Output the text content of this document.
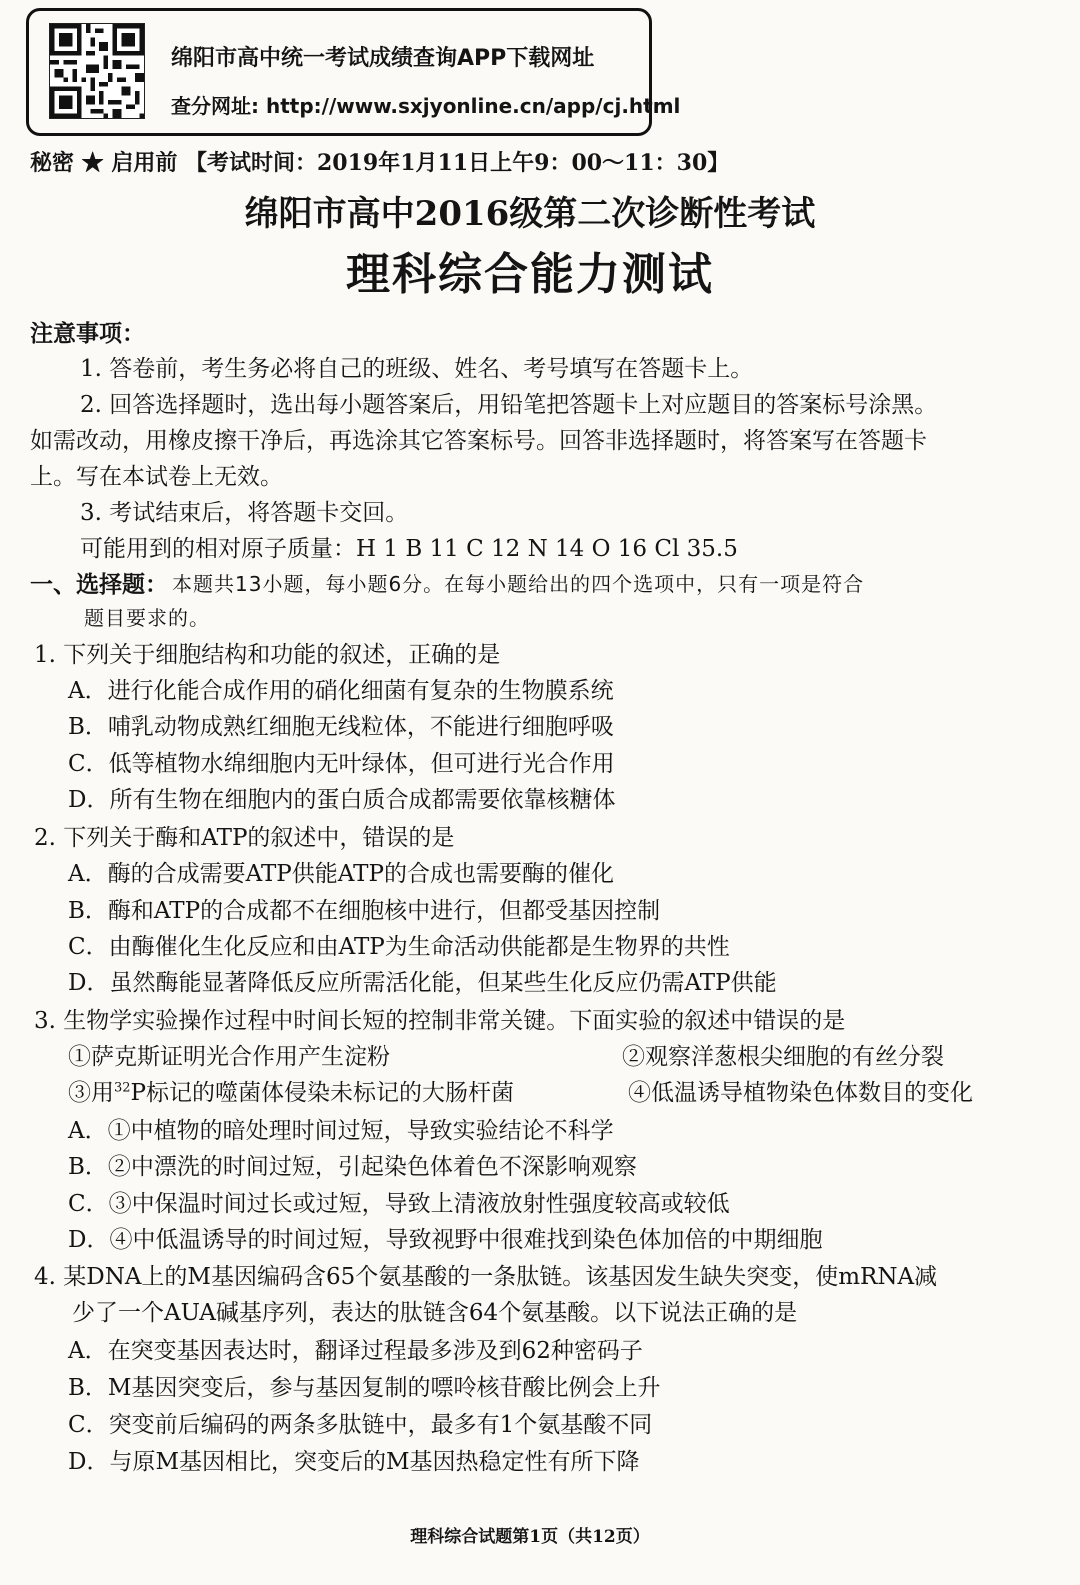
绵阳市高中统一考试成绩查询APP下载网址
查分网址: http://www.sxjyonline.cn/app/cj.html
秘密 ★ 启用前 【考试时间：2019年1月11日上午9：00～11：30】
绵阳市高中2016级第二次诊断性考试
理科综合能力测试
注意事项：
1. 答卷前，考生务必将自己的班级、姓名、考号填写在答题卡上。
2. 回答选择题时，选出每小题答案后，用铅笔把答题卡上对应题目的答案标号涂黑。
如需改动，用橡皮擦干净后，再选涂其它答案标号。回答非选择题时，将答案写在答题卡
上。写在本试卷上无效。
3. 考试结束后，将答题卡交回。
可能用到的相对原子质量：H 1 B 11 C 12 N 14 O 16 Cl 35.5
一、选择题： 本题共13小题，每小题6分。在每小题给出的四个选项中，只有一项是符合
题目要求的。
1. 下列关于细胞结构和功能的叙述，正确的是
A．进行化能合成作用的硝化细菌有复杂的生物膜系统
B．哺乳动物成熟红细胞无线粒体，不能进行细胞呼吸
C．低等植物水绵细胞内无叶绿体，但可进行光合作用
D．所有生物在细胞内的蛋白质合成都需要依靠核糖体
2. 下列关于酶和ATP的叙述中，错误的是
A．酶的合成需要ATP供能ATP的合成也需要酶的催化
B．酶和ATP的合成都不在细胞核中进行，但都受基因控制
C．由酶催化生化反应和由ATP为生命活动供能都是生物界的共性
D．虽然酶能显著降低反应所需活化能，但某些生化反应仍需ATP供能
3. 生物学实验操作过程中时间长短的控制非常关键。下面实验的叙述中错误的是
①萨克斯证明光合作用产生淀粉	②观察洋葱根尖细胞的有丝分裂
③用$^{32}$P标记的噬菌体侵染未标记的大肠杆菌	④低温诱导植物染色体数目的变化
A．①中植物的暗处理时间过短，导致实验结论不科学
B．②中漂洗的时间过短，引起染色体着色不深影响观察
C．③中保温时间过长或过短，导致上清液放射性强度较高或较低
D．④中低温诱导的时间过短，导致视野中很难找到染色体加倍的中期细胞
4. 某DNA上的M基因编码含65个氨基酸的一条肽链。该基因发生缺失突变，使mRNA减
少了一个AUA碱基序列，表达的肽链含64个氨基酸。以下说法正确的是
A．在突变基因表达时，翻译过程最多涉及到62种密码子
B．M基因突变后，参与基因复制的嘌呤核苷酸比例会上升
C．突变前后编码的两条多肽链中，最多有1个氨基酸不同
D．与原M基因相比，突变后的M基因热稳定性有所下降
理科综合试题第1页（共12页）
